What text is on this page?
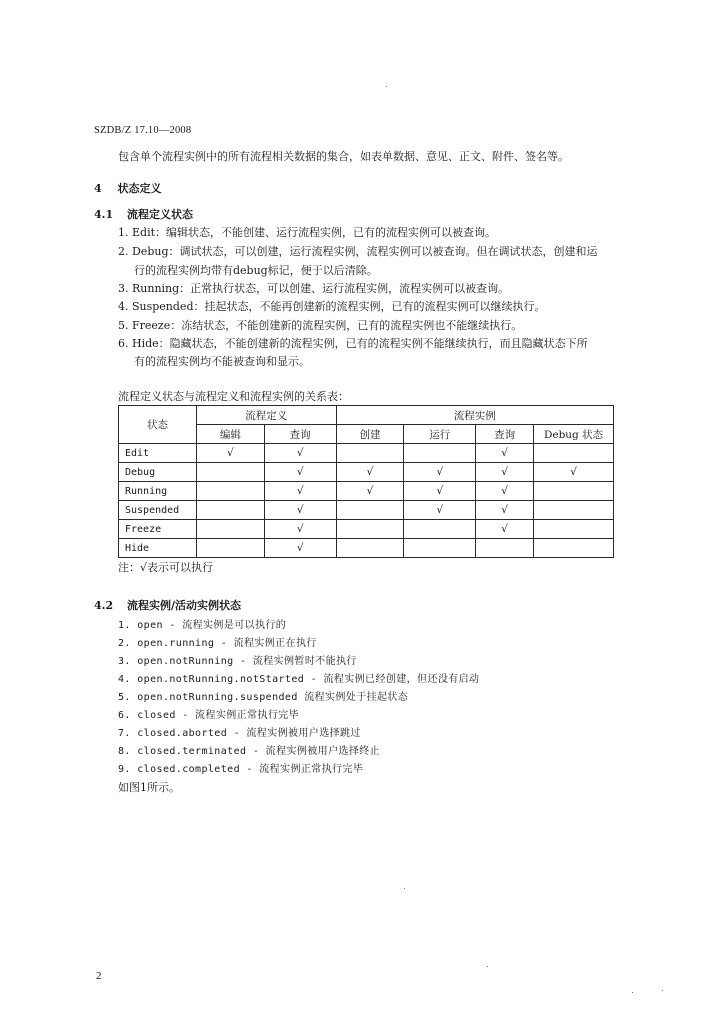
SZDB/Z 17.10—2008
包含单个流程实例中的所有流程相关数据的集合，如表单数据、意见、正文、附件、签名等。
4 状态定义
4.1 流程定义状态
1. Edit：编辑状态，不能创建、运行流程实例，已有的流程实例可以被查询。
2. Debug：调试状态，可以创建，运行流程实例，流程实例可以被查询。但在调试状态，创建和运
行的流程实例均带有debug标记，便于以后清除。
3. Running：正常执行状态，可以创建、运行流程实例，流程实例可以被查询。
4. Suspended：挂起状态，不能再创建新的流程实例，已有的流程实例可以继续执行。
5. Freeze：冻结状态，不能创建新的流程实例，已有的流程实例也不能继续执行。
6. Hide：隐藏状态，不能创建新的流程实例，已有的流程实例不能继续执行，而且隐藏状态下所
有的流程实例均不能被查询和显示。
流程定义状态与流程定义和流程实例的关系表：
状态	流程定义		流程实例			
	编辑	查询	创建	运行	查询	Debug 状态
Edit	√	√			√	
Debug		√	√	√	√	√
Running		√	√	√	√	
Suspended		√		√	√	
Freeze		√			√	
Hide		√				
注：√表示可以执行
4.2 流程实例/活动实例状态
1. open - 流程实例是可以执行的
2. open.running - 流程实例正在执行
3. open.notRunning - 流程实例暂时不能执行
4. open.notRunning.notStarted - 流程实例已经创建，但还没有启动
5. open.notRunning.suspended 流程实例处于挂起状态
6. closed - 流程实例正常执行完毕
7. closed.aborted - 流程实例被用户选择跳过
8. closed.terminated - 流程实例被用户选择终止
9. closed.completed - 流程实例正常执行完毕
如图1所示。
2
